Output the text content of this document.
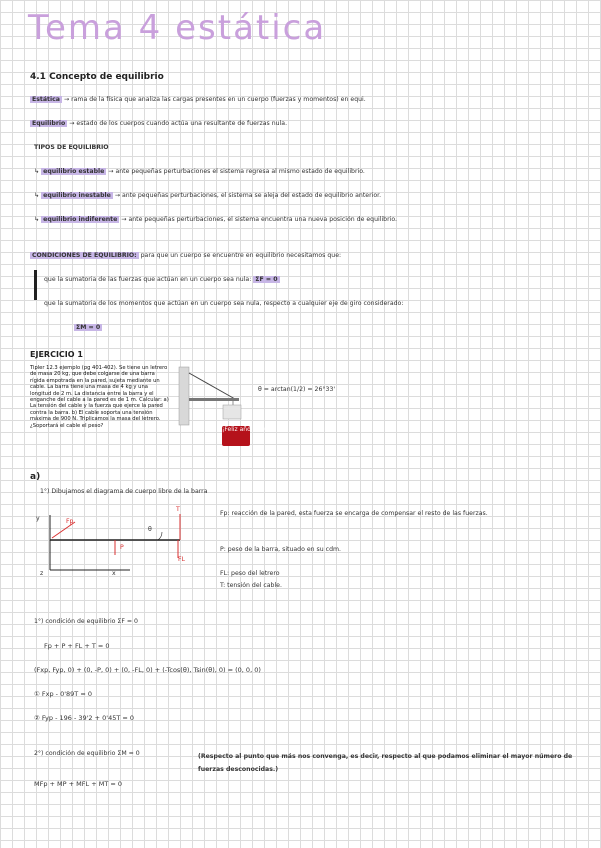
Tema 4 estática
4.1 Concepto de equilibrio
Estática → rama de la física que analiza las cargas presentes en un cuerpo (fuerzas y momentos) en equi.
Equilibrio → estado de los cuerpos cuando actúa una resultante de fuerzas nula.
TIPOS DE EQUILIBRIO
↳ equilibrio estable → ante pequeñas perturbaciones el sistema regresa al mismo estado de equilibrio.
↳ equilibrio inestable → ante pequeñas perturbaciones, el sistema se aleja del estado de equilibrio anterior.
↳ equilibrio indiferente → ante pequeñas perturbaciones, el sistema encuentra una nueva posición de equilibrio.
CONDICIONES DE EQUILIBRIO: para que un cuerpo se encuentre en equilibrio necesitamos que:
que la sumatoria de las fuerzas que actúan en un cuerpo sea nula: ΣF = 0
que la sumatoria de los momentos que actúan en un cuerpo sea nula, respecto a cualquier eje de giro considerado:
ΣM = 0
EJERCICIO 1
Tipler 12.3 ejemplo (pg 401-402). Se tiene un letrero de masa 20 kg, que debe colgarse de una barra rígida empotrada en la pared, sujeta mediante un cable. La barra tiene una masa de 4 kg y una longitud de 2 m. La distancia entre la barra y el enganche del cable a la pared es de 1 m. Calcular: a) La tensión del cable y la fuerza que ejerce la pared contra la barra. b) El cable soporta una tensión máxima de 900 N. Triplicamos la masa del letrero. ¿Soportará el cable el peso?
¡Feliz año 2026!
θ = arctan(1/2) = 26°33'
a)
1°) Dibujamos el diagrama de cuerpo libre de la barra
y
z	x
Fp
T
P
FL
θ
Fp: reacción de la pared, esta fuerza se encarga de compensar el resto de las fuerzas.
P: peso de la barra, situado en su cdm.
FL: peso del letrero
T: tensión del cable.
1°) condición de equilibrio ΣF = 0
Fp + P + FL + T = 0
(Fxp, Fyp, 0) + (0, -P, 0) + (0, -FL, 0) + (-Tcos(θ), Tsin(θ), 0) = (0, 0, 0)
① Fxp - 0'89T = 0
② Fyp - 196 - 39'2 + 0'45T = 0
2°) condición de equilibrio ΣM = 0	(Respecto al punto que más nos convenga, es decir, respecto al que podamos eliminar el mayor número de fuerzas desconocidas.)
MFp + MP + MFL + MT = 0
